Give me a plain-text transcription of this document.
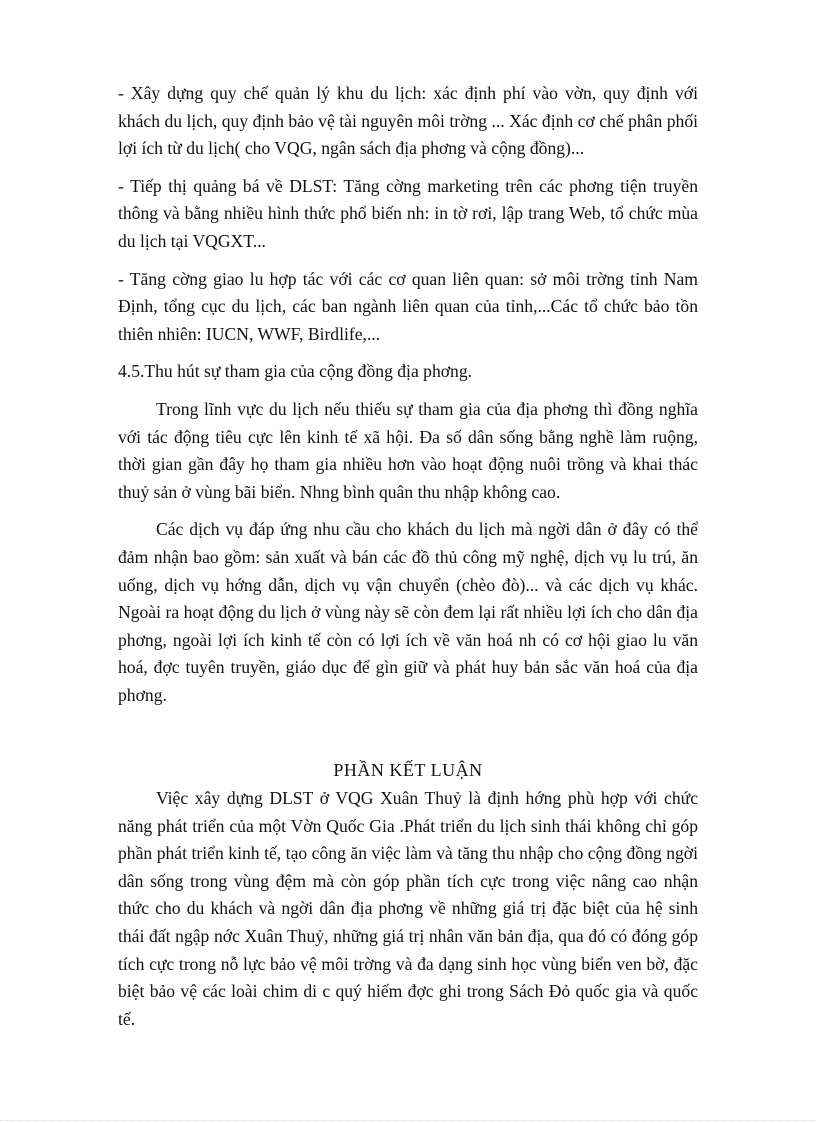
- Xây dựng quy chế quản lý khu du lịch: xác định phí vào vờn, quy định với khách du lịch, quy định bảo vệ tài nguyên môi trờng ... Xác định cơ chế phân phối lợi ích từ du lịch( cho VQG, ngân sách địa phơng và cộng đồng)...

- Tiếp thị quảng bá về DLST: Tăng cờng marketing trên các phơng tiện truyền thông và bằng nhiều hình thức phổ biến nh: in tờ rơi, lập trang Web, tổ chức mùa du lịch tại VQGXT...

- Tăng cờng giao lu hợp tác với các cơ quan liên quan: sở môi trờng tỉnh Nam Định, tổng cục du lịch, các ban ngành liên quan của tỉnh,...Các tổ chức bảo tồn thiên nhiên: IUCN, WWF, Birdlife,...

4.5.Thu hút sự tham gia của cộng đồng địa phơng.

Trong lĩnh vực du lịch nếu thiếu sự tham gia của địa phơng thì đồng nghĩa với tác động tiêu cực lên kinh tế xã hội. Đa số dân sống bằng nghề làm ruộng, thời gian gần đây họ tham gia nhiều hơn vào hoạt động nuôi trồng và khai thác thuỷ sản ở vùng bãi biển. Nhng bình quân thu nhập không cao.

Các dịch vụ đáp ứng nhu cầu cho khách du lịch mà ngời dân ở đây có thể đảm nhận bao gồm: sản xuất và bán các đồ thủ công mỹ nghệ, dịch vụ lu trú, ăn uống, dịch vụ hớng dẫn, dịch vụ vận chuyển (chèo đò)... và các dịch vụ khác. Ngoài ra hoạt động du lịch ở vùng này sẽ còn đem lại rất nhiều lợi ích cho dân địa phơng, ngoài lợi ích kinh tế còn có lợi ích về văn hoá nh có cơ hội giao lu văn hoá, đợc tuyên truyền, giáo dục để gìn giữ và phát huy bản sắc văn hoá của địa phơng.

PHẦN KẾT LUẬN

Việc xây dựng DLST ở VQG Xuân Thuỷ là định hớng phù hợp với chức năng phát triển của một Vờn Quốc Gia .Phát triển du lịch sinh thái không chỉ góp phần phát triển kinh tế, tạo công ăn việc làm và tăng thu nhập cho cộng đồng ngời dân sống trong vùng đệm mà còn góp phần tích cực trong việc nâng cao nhận thức cho du khách và ngời dân địa phơng về những giá trị đặc biệt của hệ sinh thái đất ngập nớc Xuân Thuỷ, những giá trị nhân văn bản địa, qua đó có đóng góp tích cực trong nỗ lực bảo vệ môi trờng và đa dạng sinh học vùng biển ven bờ, đặc biệt bảo vệ các loài chim di c quý hiếm đợc ghi trong Sách Đỏ quốc gia và quốc tế.
